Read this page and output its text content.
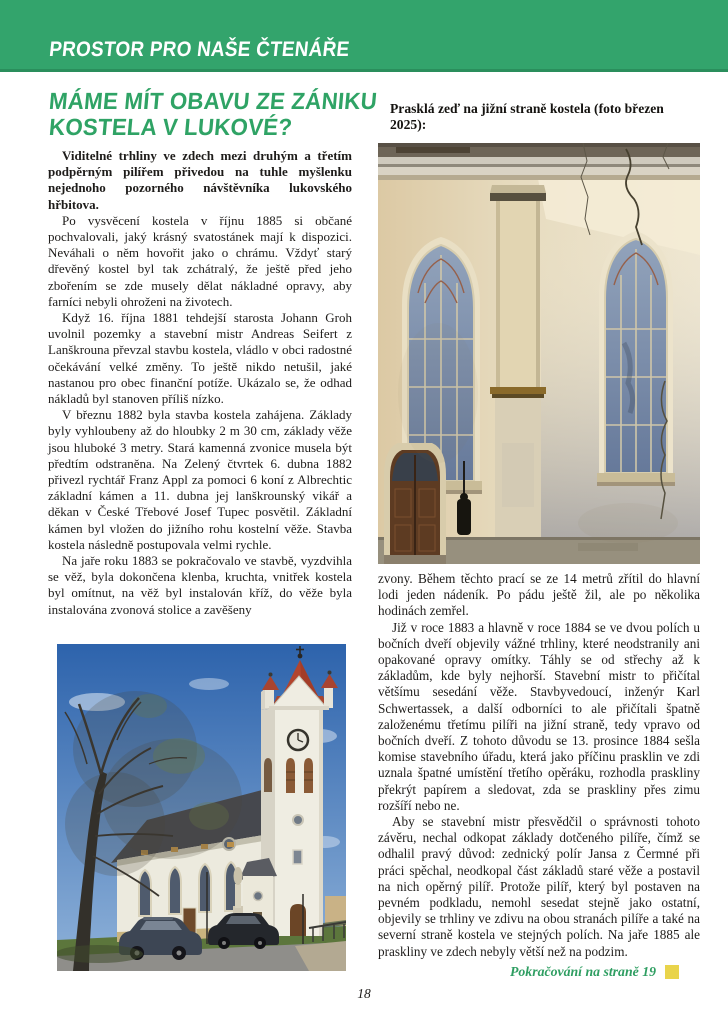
PROSTOR PRO NAŠE ČTENÁŘE
MÁME MÍT OBAVU ZE ZÁNIKU
KOSTELA V LUKOVÉ?

Viditelné trhliny ve zdech mezi druhým a třetím podpěrným pilířem přivedou na tuhle myšlenku nejednoho pozorného návštěvníka lukovského hřbitova.

Po vysvěcení kostela v říjnu 1885 si občané pochvalovali, jaký krásný svatostánek mají k dispozici. Neváhali o něm hovořit jako o chrámu. Vždyť starý dřevěný kostel byl tak zchátralý, že ještě před jeho zbořením se zde musely dělat nákladné opravy, aby farníci nebyli ohroženi na životech.

Když 16. října 1881 tehdejší starosta Johann Groh uvolnil pozemky a stavební mistr Andreas Seifert z Lanškrouna převzal stavbu kostela, vládlo v obci radostné očekávání velké změny. To ještě nikdo netušil, jaké nastanou pro obec finanční potíže. Ukázalo se, že odhad nákladů byl stanoven příliš nízko.

V březnu 1882 byla stavba kostela zahájena. Základy byly vyhloubeny až do hloubky 2 m 30 cm, základy věže jsou hluboké 3 metry. Stará kamenná zvonice musela být předtím odstraněna. Na Zelený čtvrtek 6. dubna 1882 přivezl rychtář Franz Appl za pomoci 6 koní z Albrechtic základní kámen a 11. dubna jej lanškrounský vikář a děkan v České Třebové Josef Tupec posvětil. Základní kámen byl vložen do jižního rohu kostelní věže. Stavba kostela následně postupovala velmi rychle.

Na jaře roku 1883 se pokračovalo ve stavbě, vyzdvihla se věž, byla dokončena klenba, kruchta, vnitřek kostela byl omítnut, na věž byl instalován kříž, do věže byla instalována zvonová stolice a zavěšeny

Prasklá zeď na jižní straně kostela (foto březen 2025):

zvony. Během těchto prací se ze 14 metrů zřítil do hlavní lodi jeden nádeník. Po pádu ještě žil, ale po několika hodinách zemřel.

Již v roce 1883 a hlavně v roce 1884 se ve dvou polích u bočních dveří objevily vážné trhliny, které neodstranily ani opakované opravy omítky. Táhly se od střechy až k základům, kde byly nejhorší. Stavební mistr to přičítal většímu sesedání věže. Stavbyvedoucí, inženýr Karl Schwertassek, a další odborníci to ale přičítali špatně založenému třetímu pilíři na jižní straně, tedy vpravo od bočních dveří. Z tohoto důvodu se 13. prosince 1884 sešla komise stavebního úřadu, která jako příčinu prasklin ve zdi uznala špatné umístění třetího opěráku, rozhodla praskliny překrýt papírem a sledovat, zda se praskliny přes zimu rozšíří nebo ne.

Aby se stavební mistr přesvědčil o správnosti tohoto závěru, nechal odkopat základy dotčeného pilíře, čímž se odhalil pravý důvod: zednický polír Jansa z Čermné při práci spěchal, neodkopal část základů staré věže a postavil na nich opěrný pilíř. Protože pilíř, který byl postaven na pevném podkladu, nemohl sesedat stejně jako ostatní, objevily se trhliny ve zdivu na obou stranách pilíře a také na severní straně kostela ve stejných polích. Na jaře 1885 ale praskliny ve zdech nebyly větší než na podzim.

Pokračování na straně 19
18
